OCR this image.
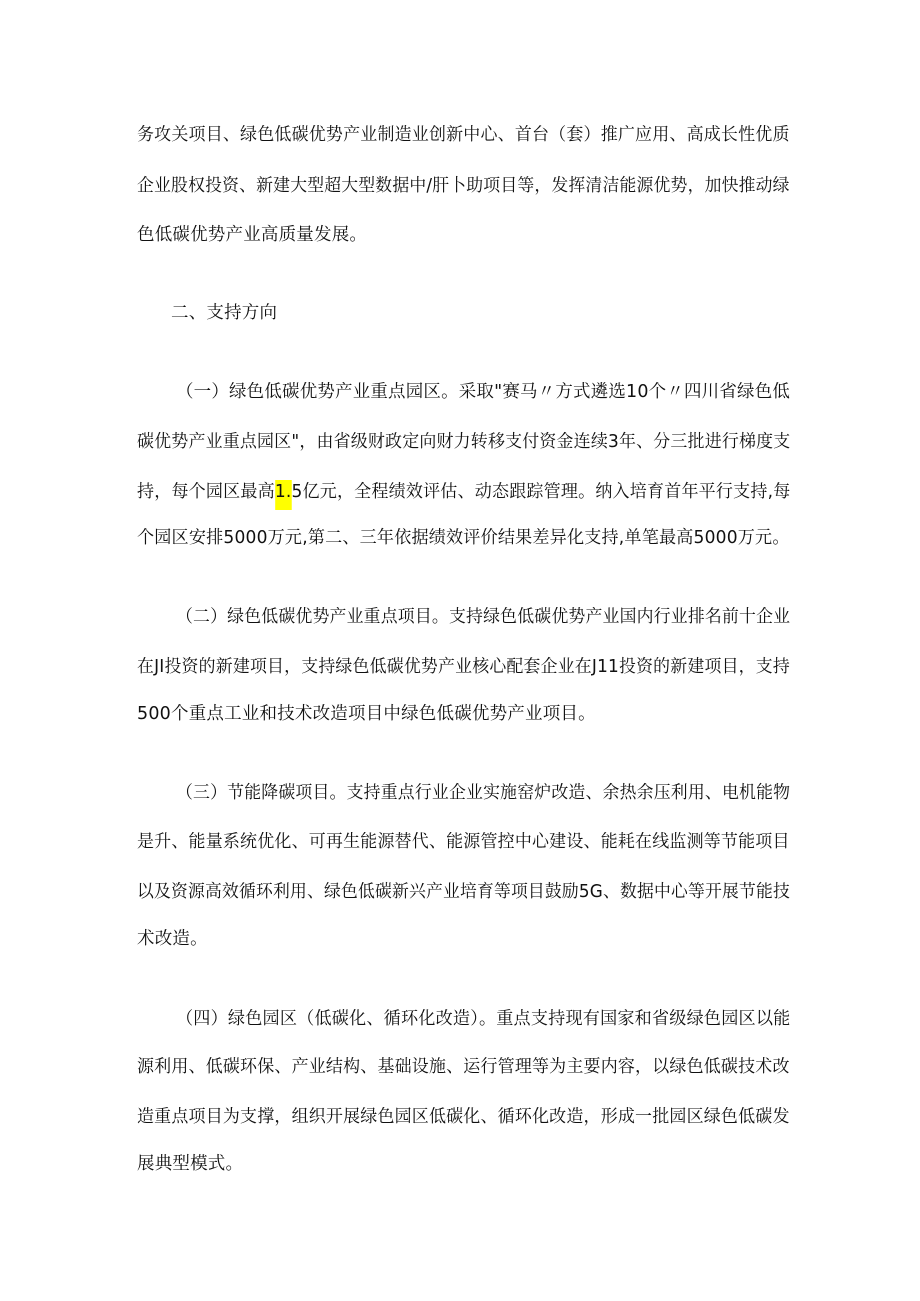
务攻关项目、绿色低碳优势产业制造业创新中心、首台（套）推广应用、高成长性优质
企业股权投资、新建大型超大型数据中/肝卜助项目等，发挥清洁能源优势，加快推动绿
色低碳优势产业高质量发展。
二、支持方向
（一）绿色低碳优势产业重点园区。采取"赛马〃方式遴选10个〃四川省绿色低
碳优势产业重点园区"，由省级财政定向财力转移支付资金连续3年、分三批进行梯度支
持，每个园区最高1.5亿元，全程绩效评估、动态跟踪管理。纳入培育首年平行支持,每
个园区安排5000万元,第二、三年依据绩效评价结果差异化支持,单笔最高5000万元。
（二）绿色低碳优势产业重点项目。支持绿色低碳优势产业国内行业排名前十企业
在JI投资的新建项目，支持绿色低碳优势产业核心配套企业在J11投资的新建项目，支持
500个重点工业和技术改造项目中绿色低碳优势产业项目。
（三）节能降碳项目。支持重点行业企业实施窑炉改造、余热余压利用、电机能物
是升、能量系统优化、可再生能源替代、能源管控中心建设、能耗在线监测等节能项目
以及资源高效循环利用、绿色低碳新兴产业培育等项目鼓励5G、数据中心等开展节能技
术改造。
（四）绿色园区（低碳化、循环化改造）。重点支持现有国家和省级绿色园区以能
源利用、低碳环保、产业结构、基础设施、运行管理等为主要内容，以绿色低碳技术改
造重点项目为支撑，组织开展绿色园区低碳化、循环化改造，形成一批园区绿色低碳发
展典型模式。
